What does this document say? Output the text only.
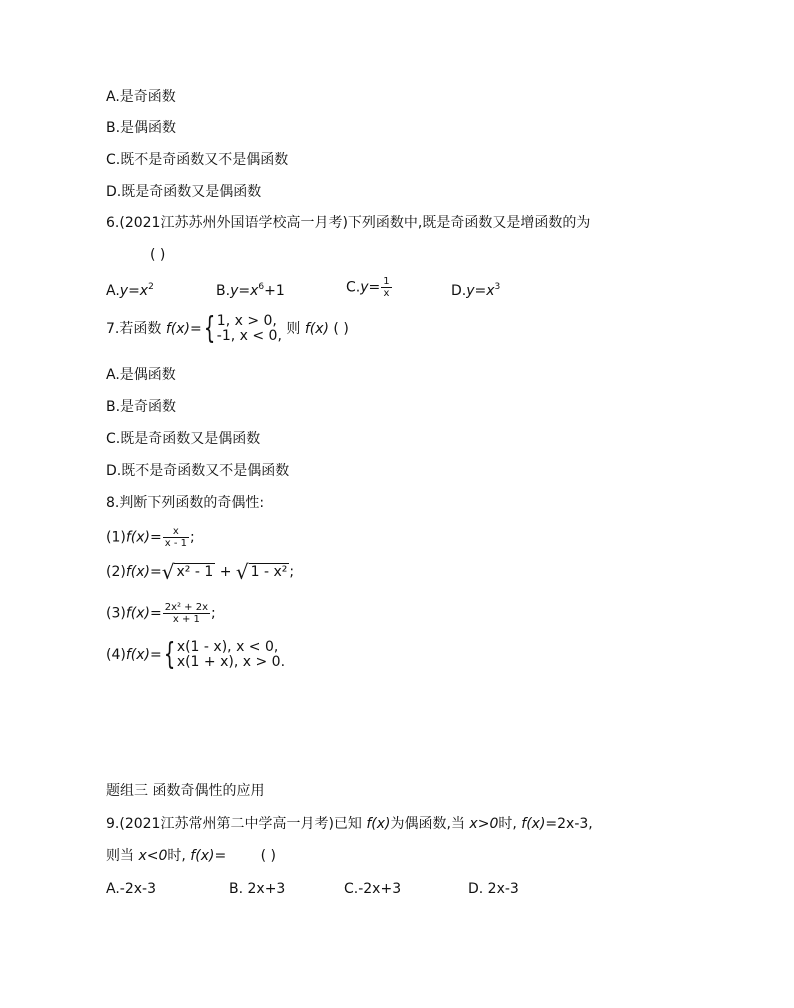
A.是奇函数
B.是偶函数
C.既不是奇函数又不是偶函数
D.既是奇函数又是偶函数
6.(2021江苏苏州外国语学校高一月考)下列函数中,既是奇函数又是增函数的为
( )
$A.y=x^2$	$B.y=x^6+1$	$C.y= \frac{1}{x}$	$D.y=x^3$
7.若函数 f(x)={ 1, x > 0,
-1, x < 0, 则 f(x) ( )
A.是偶函数
B.是奇函数
C.既是奇函数又是偶函数
D.既不是奇函数又不是偶函数
8.判断下列函数的奇偶性:
$(1)f(x)= \frac{x}{x - 1}$ ;
(2)f(x)=√ x² - 1 + √ 1 - x² ;
$(3)f(x)= \frac{\text{2x² + 2x}}{x + 1}$ ;
(4)f(x)={ x(1 - x), x < 0,
x(1 + x), x > 0.
题组三 函数奇偶性的应用
9.(2021江苏常州第二中学高一月考)已知 f(x)为偶函数,当 x>0时, f(x)=2x-3,
则当 x<0时, f(x)= ( )
A.-2x-3	B. 2x+3	C.-2x+3	D. 2x-3
